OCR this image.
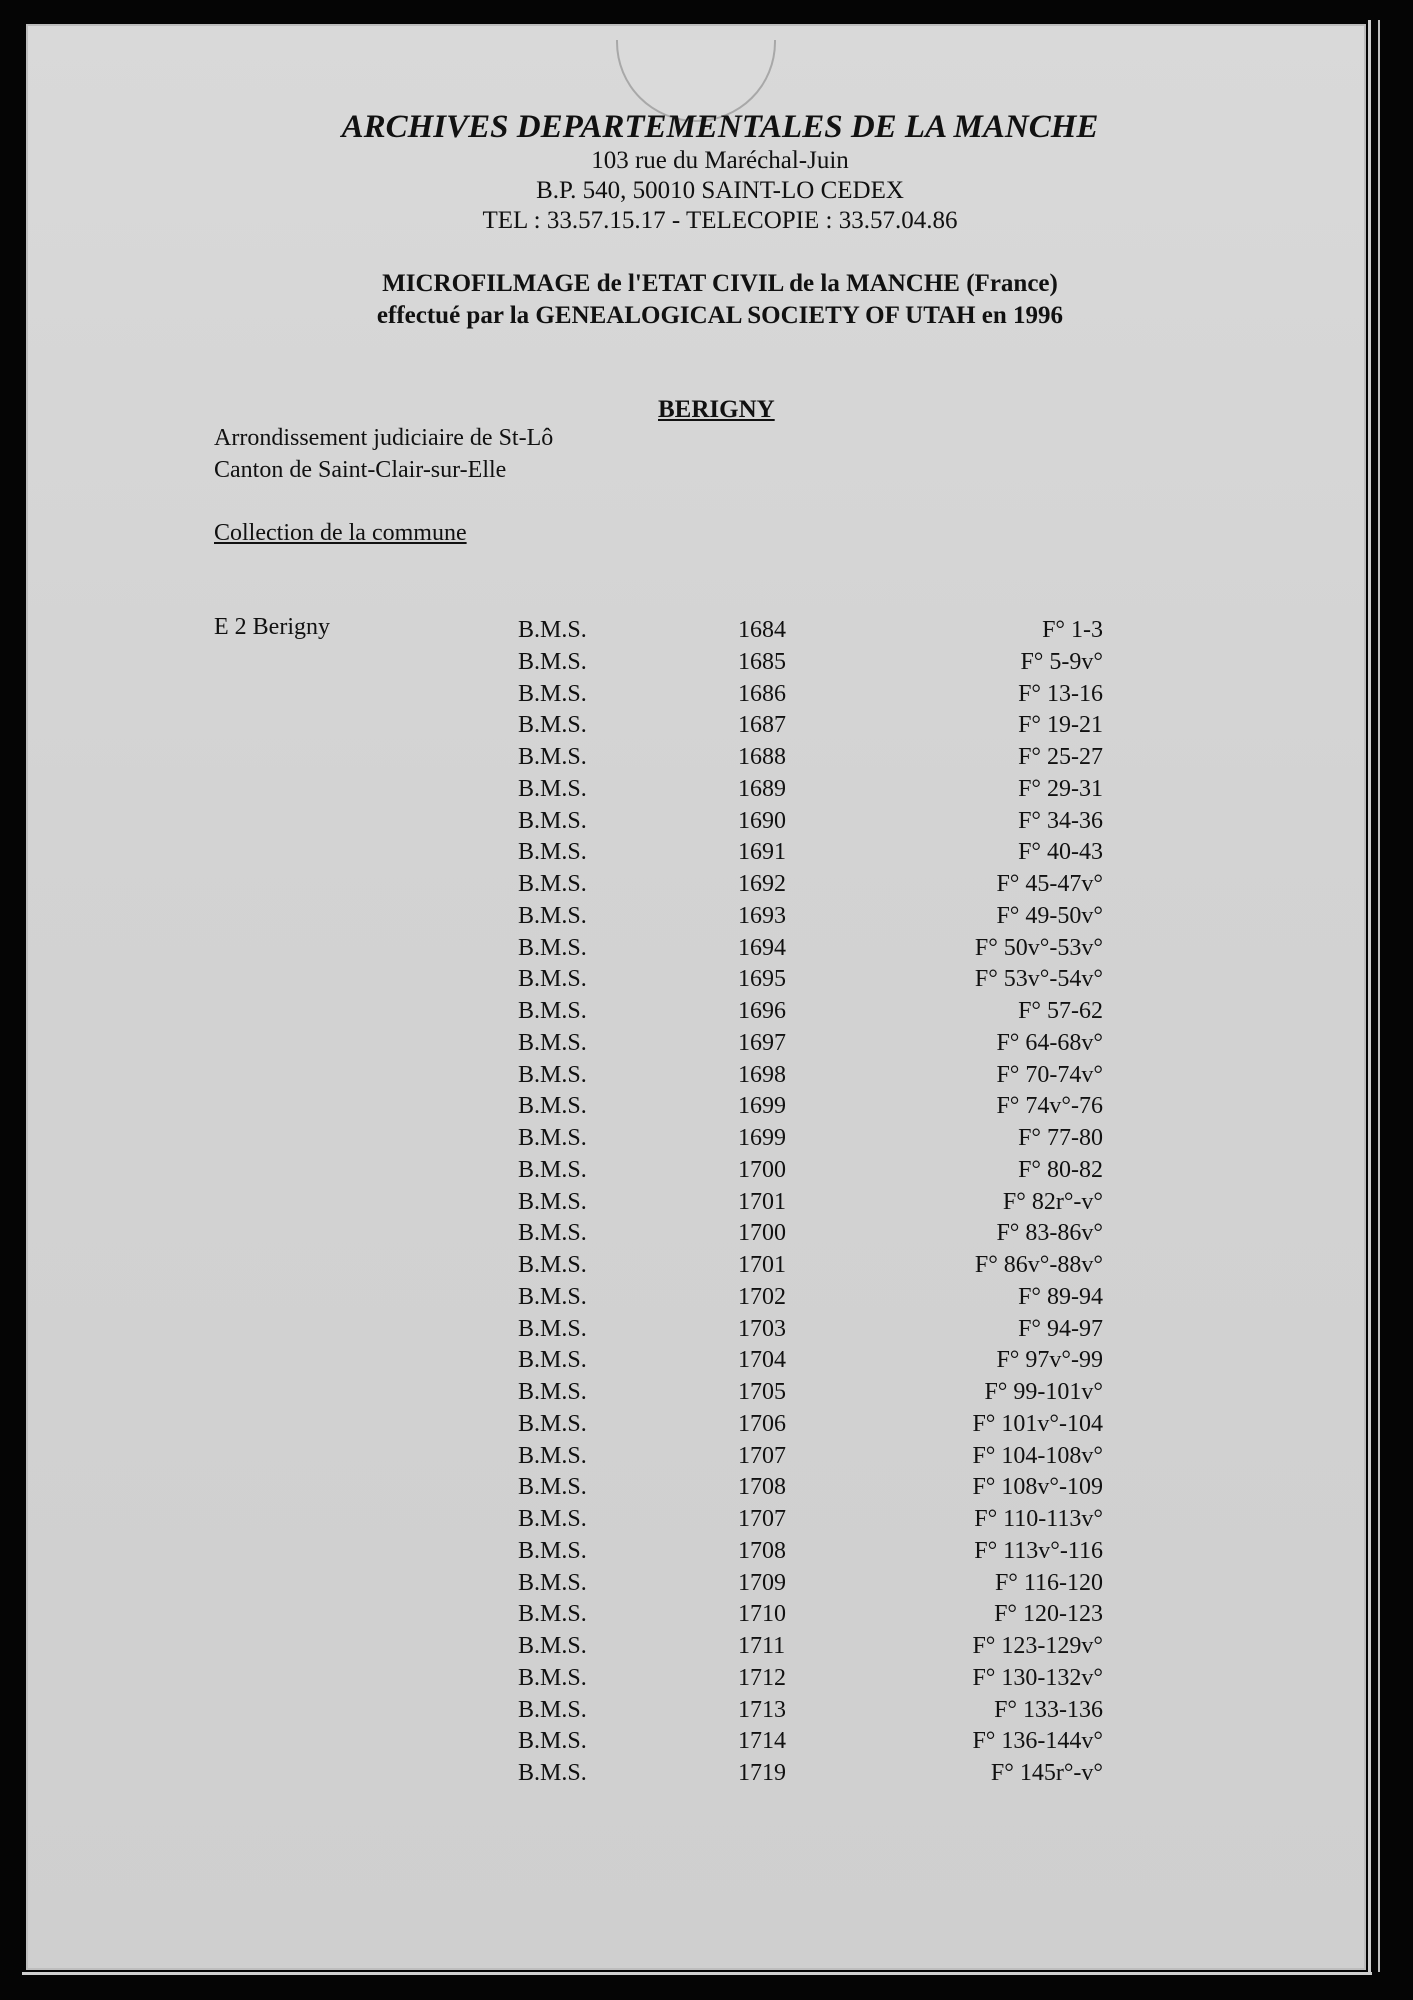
ARCHIVES DEPARTEMENTALES DE LA MANCHE
103 rue du Maréchal-Juin
B.P. 540, 50010 SAINT-LO CEDEX
TEL : 33.57.15.17 - TELECOPIE : 33.57.04.86
MICROFILMAGE de l'ETAT CIVIL de la MANCHE (France)
effectué par la GENEALOGICAL SOCIETY OF UTAH en 1996
BERIGNY
Arrondissement judiciaire de St-Lô
Canton de Saint-Clair-sur-Elle
Collection de la commune
E 2 Berigny	B.M.S.	1684	F° 1-3
B.M.S.	1685	F° 5-9v°
B.M.S.	1686	F° 13-16
B.M.S.	1687	F° 19-21
B.M.S.	1688	F° 25-27
B.M.S.	1689	F° 29-31
B.M.S.	1690	F° 34-36
B.M.S.	1691	F° 40-43
B.M.S.	1692	F° 45-47v°
B.M.S.	1693	F° 49-50v°
B.M.S.	1694	F° 50v°-53v°
B.M.S.	1695	F° 53v°-54v°
B.M.S.	1696	F° 57-62
B.M.S.	1697	F° 64-68v°
B.M.S.	1698	F° 70-74v°
B.M.S.	1699	F° 74v°-76
B.M.S.	1699	F° 77-80
B.M.S.	1700	F° 80-82
B.M.S.	1701	F° 82r°-v°
B.M.S.	1700	F° 83-86v°
B.M.S.	1701	F° 86v°-88v°
B.M.S.	1702	F° 89-94
B.M.S.	1703	F° 94-97
B.M.S.	1704	F° 97v°-99
B.M.S.	1705	F° 99-101v°
B.M.S.	1706	F° 101v°-104
B.M.S.	1707	F° 104-108v°
B.M.S.	1708	F° 108v°-109
B.M.S.	1707	F° 110-113v°
B.M.S.	1708	F° 113v°-116
B.M.S.	1709	F° 116-120
B.M.S.	1710	F° 120-123
B.M.S.	1711	F° 123-129v°
B.M.S.	1712	F° 130-132v°
B.M.S.	1713	F° 133-136
B.M.S.	1714	F° 136-144v°
B.M.S.	1719	F° 145r°-v°
